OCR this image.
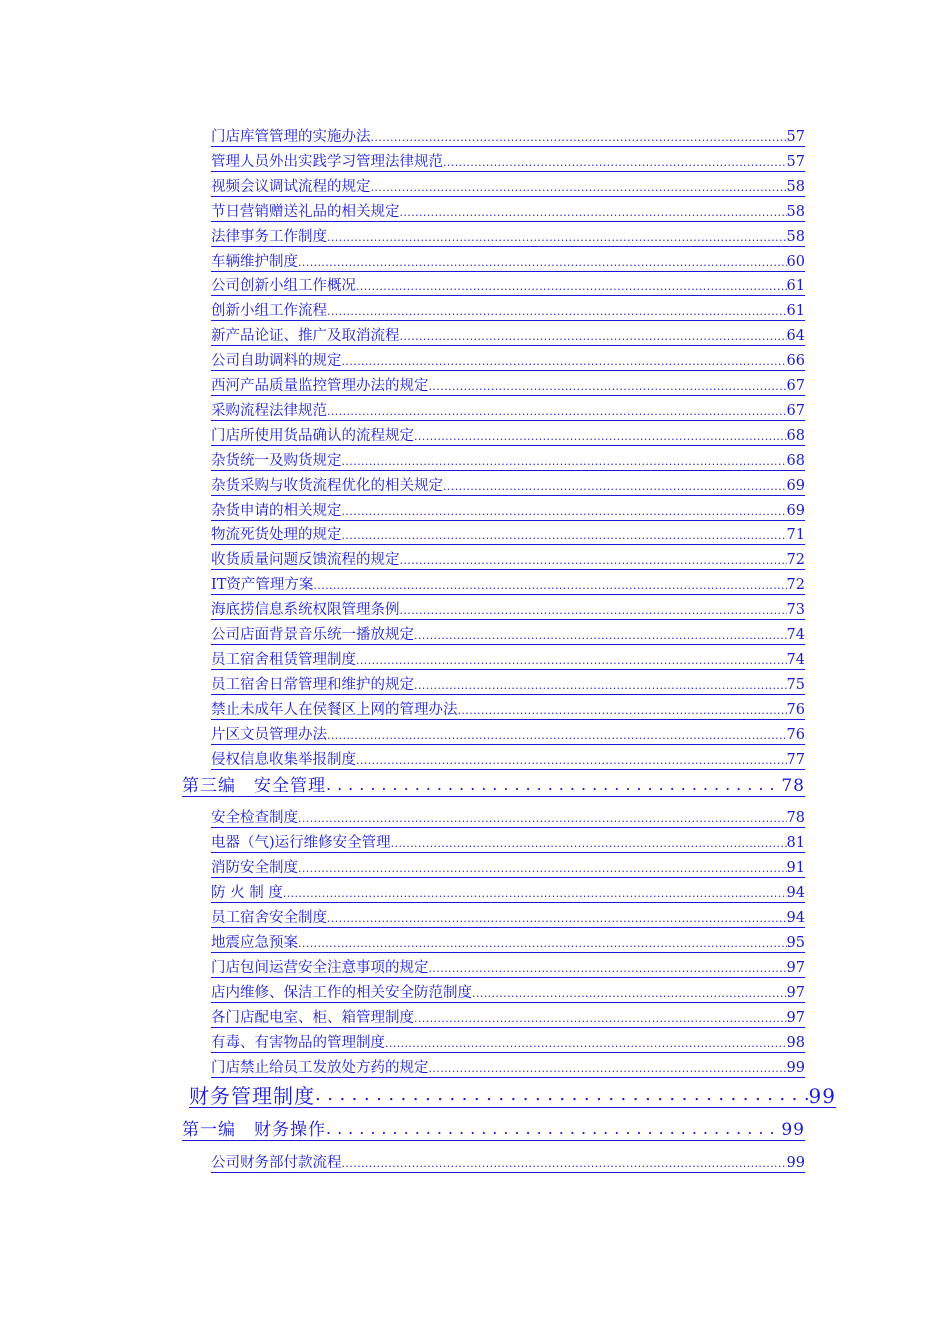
门店库管管理的实施办法 .....	57
管理人员外出实践学习管理法律规范 .....	57
视频会议调试流程的规定 .....	58
节日营销赠送礼品的相关规定 .....	58
法律事务工作制度 .....	58
车辆维护制度 .....	60
公司创新小组工作概况 .....	61
创新小组工作流程 .....	61
新产品论证、推广及取消流程 .....	64
公司自助调料的规定 .....	66
西河产品质量监控管理办法的规定 .....	67
采购流程法律规范 .....	67
门店所使用货品确认的流程规定 .....	68
杂货统一及购货规定 .....	68
杂货采购与收货流程优化的相关规定 .....	69
杂货申请的相关规定 .....	69
物流死货处理的规定 .....	71
收货质量问题反馈流程的规定 .....	72
IT资产管理方案 .....	72
海底捞信息系统权限管理条例 .....	73
公司店面背景音乐统一播放规定 .....	74
员工宿舍租赁管理制度 .....	74
员工宿舍日常管理和维护的规定 .....	75
禁止未成年人在侯餐区上网的管理办法 .....	76
片区文员管理办法 .....	76
侵权信息收集举报制度 .....	77
第三编　安全管理 .....	78
安全检查制度 .....	78
电器（气)运行维修安全管理 .....	81
消防安全制度 .....	91
防 火 制 度 .....	94
员工宿舍安全制度 .....	94
地震应急预案 .....	95
门店包间运营安全注意事项的规定 .....	97
店内维修、保洁工作的相关安全防范制度 .....	97
各门店配电室、柜、箱管理制度 .....	97
有毒、有害物品的管理制度 .....	98
门店禁止给员工发放处方药的规定 .....	99
财务管理制度 .....	99
第一编　财务操作 .....	99
公司财务部付款流程 .....	99
